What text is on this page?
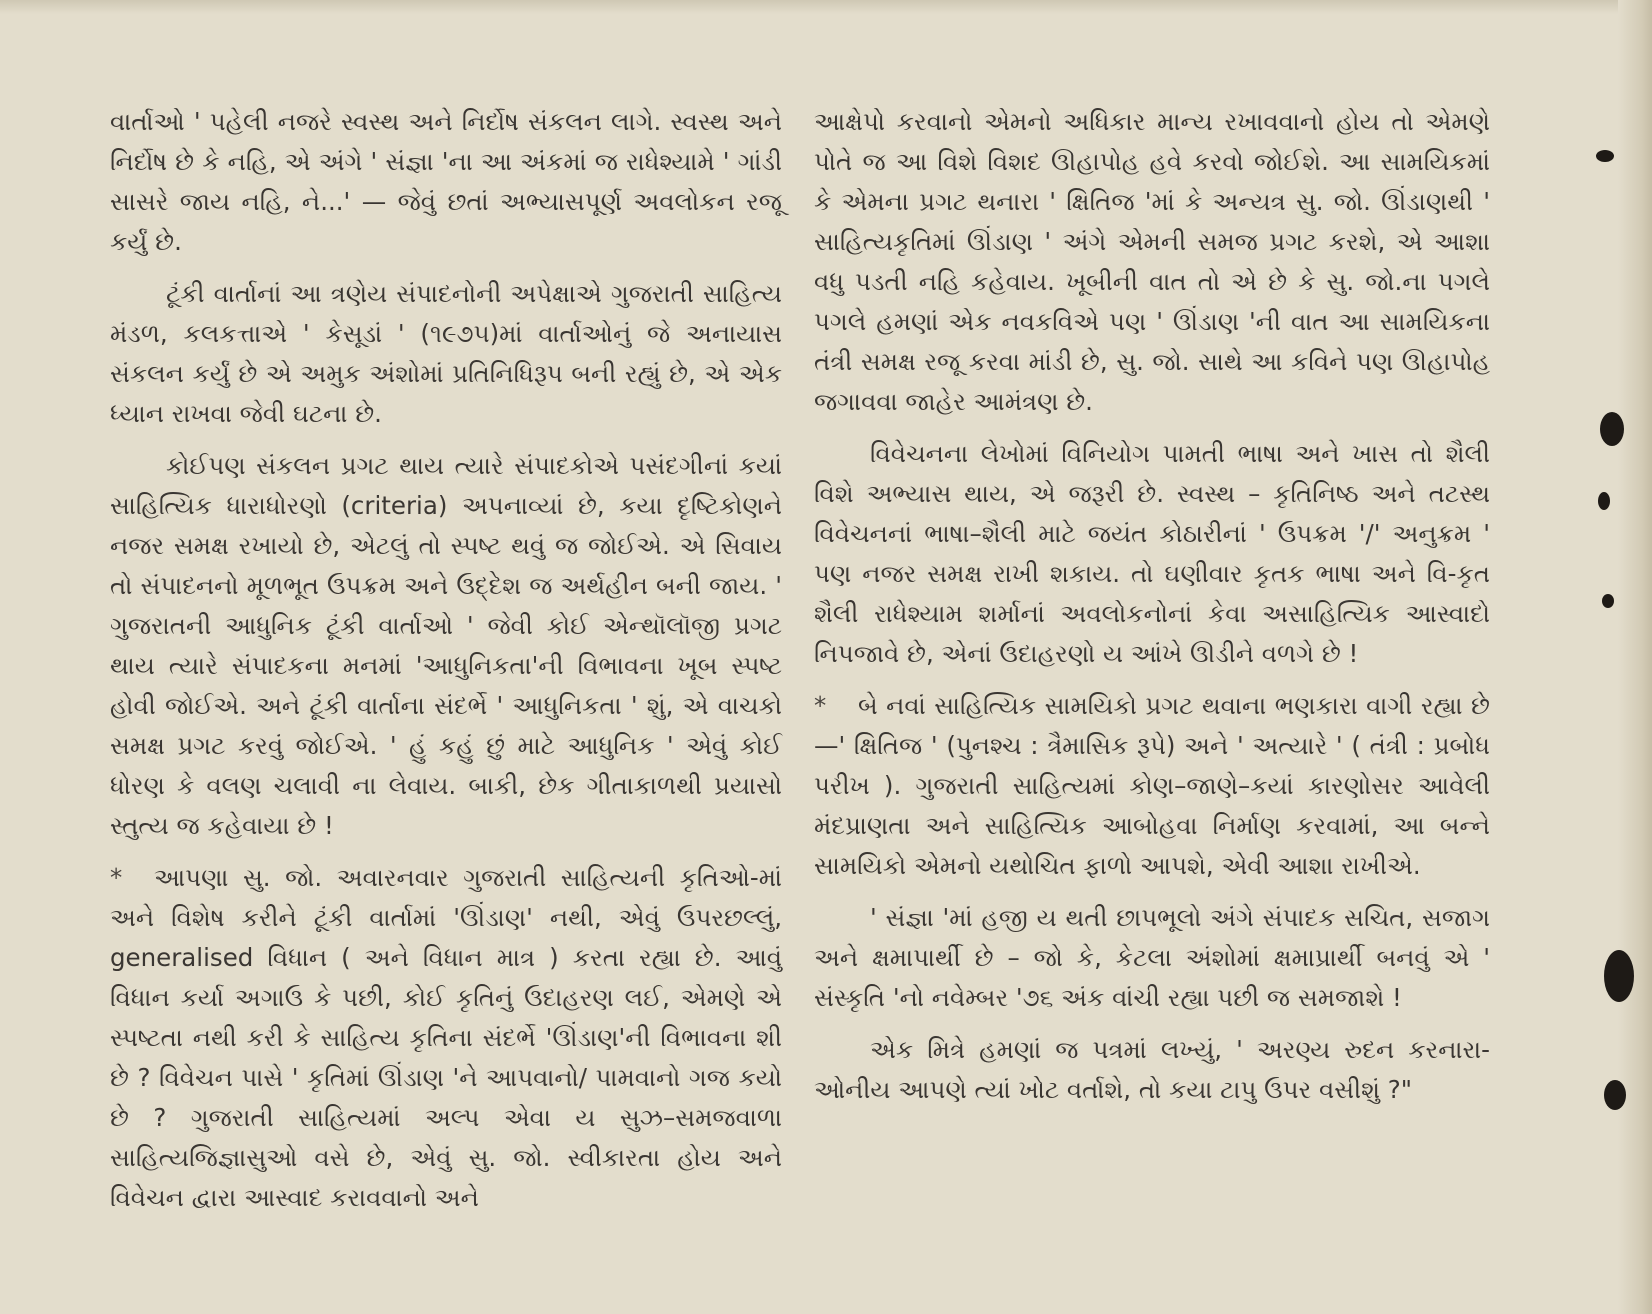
વાર્તાઓ ' પહેલી નજરે સ્વસ્થ અને નિર્દોષ સંકલન લાગે. સ્વસ્થ અને નિર્દોષ છે કે નહિ, એ અંગે ' સંજ્ઞા 'ના આ અંકમાં જ રાધેશ્યામે ' ગાંડી સાસરે જાય નહિ, ને...' — જેવું છતાં અભ્યાસપૂર્ણ અવલોકન રજૂ કર્યું છે.

ટૂંકી વાર્તાનાં આ ત્રણેય સંપાદનોની અપેક્ષાએ ગુજરાતી સાહિત્ય મંડળ, કલકત્તાએ ' કેસૂડાં ' (૧૯૭૫)માં વાર્તાઓનું જે અનાયાસ સંકલન કર્યું છે એ અમુક અંશોમાં પ્રતિનિધિરૂપ બની રહ્યું છે, એ એક ધ્યાન રાખવા જેવી ઘટના છે.

કોઈપણ સંકલન પ્રગટ થાય ત્યારે સંપાદકોએ પસંદગીનાં કયાં સાહિત્યિક ધારાધોરણો (criteria) અપનાવ્યાં છે, કયા દૃષ્ટિકોણને નજર સમક્ષ રખાયો છે, એટલું તો સ્પષ્ટ થવું જ જોઈએ. એ સિવાય તો સંપાદનનો મૂળભૂત ઉપક્રમ અને ઉદ્દેશ જ અર્થહીન બની જાય. ' ગુજરાતની આધુનિક ટૂંકી વાર્તાઓ ' જેવી કોઈ એન્થૉલૉજી પ્રગટ થાય ત્યારે સંપાદકના મનમાં 'આધુનિકતા'ની વિભાવના ખૂબ સ્પષ્ટ હોવી જોઈએ. અને ટૂંકી વાર્તાના સંદર્ભે ' આધુનિકતા ' શું, એ વાચકો સમક્ષ પ્રગટ કરવું જોઈએ. ' હું કહું છું માટે આધુનિક ' એવું કોઈ ધોરણ કે વલણ ચલાવી ના લેવાય. બાકી, છેક ગીતાકાળથી પ્રયાસો સ્તુત્ય જ કહેવાયા છે !

* આપણા સુ. જો. અવારનવાર ગુજરાતી સાહિત્યની કૃતિઓ-માં અને વિશેષ કરીને ટૂંકી વાર્તામાં 'ઊંડાણ' નથી, એવું ઉપરછલ્લું, generalised વિધાન ( અને વિધાન માત્ર ) કરતા રહ્યા છે. આવું વિધાન કર્યા અગાઉ કે પછી, કોઈ કૃતિનું ઉદાહરણ લઈ, એમણે એ સ્પષ્ટતા નથી કરી કે સાહિત્ય કૃતિના સંદર્ભે 'ઊંડાણ'ની વિભાવના શી છે ? વિવેચન પાસે ' કૃતિમાં ઊંડાણ 'ને આપવાનો/ પામવાનો ગજ કયો છે ? ગુજરાતી સાહિત્યમાં અલ્પ એવા ય સુઝ–સમજવાળા સાહિત્યજિજ્ઞાસુઓ વસે છે, એવું સુ. જો. સ્વીકારતા હોય અને વિવેચન દ્વારા આસ્વાદ કરાવવાનો અને

આક્ષેપો કરવાનો એમનો અધિકાર માન્ય રખાવવાનો હોય તો એમણે પોતે જ આ વિશે વિશદ ઊહાપોહ હવે કરવો જોઈશે. આ સામયિકમાં કે એમના પ્રગટ થનારા ' ક્ષિતિજ 'માં કે અન્યત્ર સુ. જો. ઊંડાણથી ' સાહિત્યકૃતિમાં ઊંડાણ ' અંગે એમની સમજ પ્રગટ કરશે, એ આશા વધુ પડતી નહિ કહેવાય. ખૂબીની વાત તો એ છે કે સુ. જો.ના પગલે પગલે હમણાં એક નવકવિએ પણ ' ઊંડાણ 'ની વાત આ સામયિકના તંત્રી સમક્ષ રજૂ કરવા માંડી છે, સુ. જો. સાથે આ કવિને પણ ઊહાપોહ જગાવવા જાહેર આમંત્રણ છે.

વિવેચનના લેખોમાં વિનિયોગ પામતી ભાષા અને ખાસ તો શૈલી વિશે અભ્યાસ થાય, એ જરૂરી છે. સ્વસ્થ – કૃતિનિષ્ઠ અને તટસ્થ વિવેચનનાં ભાષા–શૈલી માટે જયંત કોઠારીનાં ' ઉપક્રમ '/' અનુક્રમ ' પણ નજર સમક્ષ રાખી શકાય. તો ઘણીવાર કૃતક ભાષા અને વિ-કૃત શૈલી રાધેશ્યામ શર્માનાં અવલોકનોનાં કેવા અસાહિત્યિક આસ્વાદો નિપજાવે છે, એનાં ઉદાહરણો ય આંખે ઊડીને વળગે છે !

* બે નવાં સાહિત્યિક સામયિકો પ્રગટ થવાના ભણકારા વાગી રહ્યા છે—' ક્ષિતિજ ' (પુનશ્ચ : ત્રૈમાસિક રૂપે) અને ' અત્યારે ' ( તંત્રી : પ્રબોધ પરીખ ). ગુજરાતી સાહિત્યમાં કોણ–જાણે–કયાં કારણોસર આવેલી મંદપ્રાણતા અને સાહિત્યિક આબોહવા નિર્માણ કરવામાં, આ બન્ને સામયિકો એમનો યથોચિત ફાળો આપશે, એવી આશા રાખીએ.

' સંજ્ઞા 'માં હજી ય થતી છાપભૂલો અંગે સંપાદક સચિત, સજાગ અને ક્ષમાપાર્થી છે – જો કે, કેટલા અંશોમાં ક્ષમાપ્રાર્થી બનવું એ ' સંસ્કૃતિ 'નો નવેમ્બર '૭૬ અંક વાંચી રહ્યા પછી જ સમજાશે !

એક મિત્રે હમણાં જ પત્રમાં લખ્યું, ' અરણ્ય રુદન કરનારા-ઓનીય આપણે ત્યાં ખોટ વર્તાશે, તો કયા ટાપુ ઉપર વસીશું ?"
